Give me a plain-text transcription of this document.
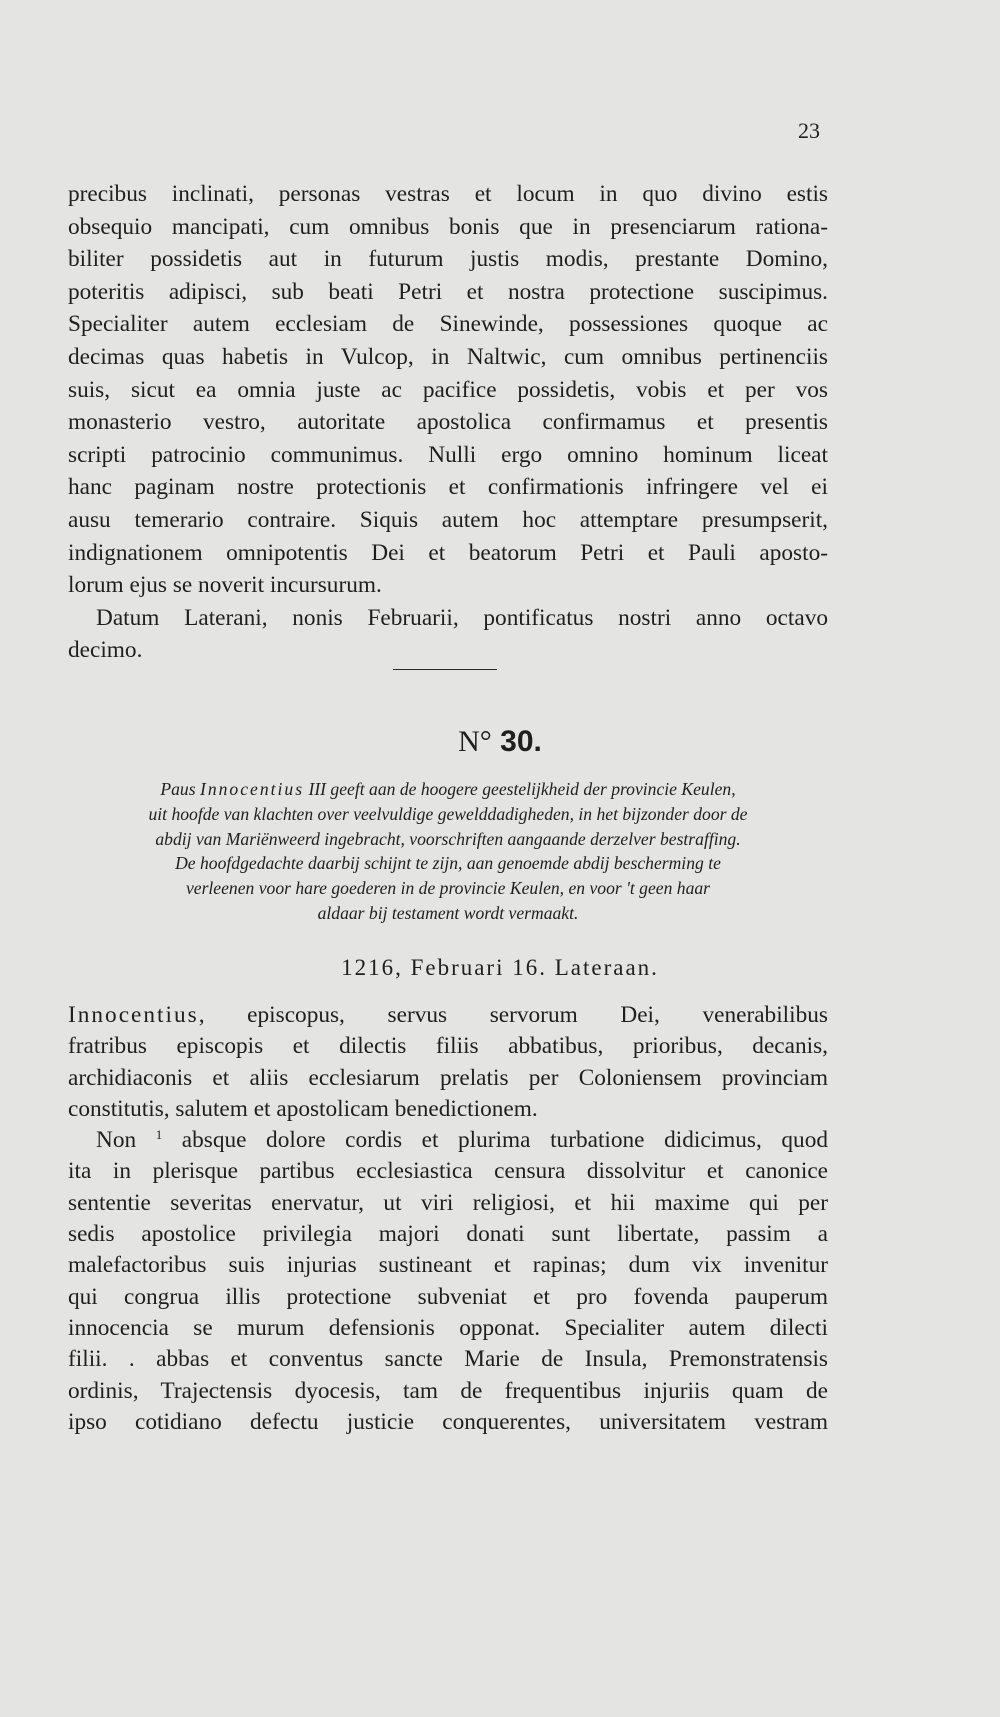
23
precibus inclinati, personas vestras et locum in quo divino estis
obsequio mancipati, cum omnibus bonis que in presenciarum rationa-
biliter possidetis aut in futurum justis modis, prestante Domino,
poteritis adipisci, sub beati Petri et nostra protectione suscipimus.
Specialiter autem ecclesiam de Sinewinde, possessiones quoque ac
decimas quas habetis in Vulcop, in Naltwic, cum omnibus pertinenciis
suis, sicut ea omnia juste ac pacifice possidetis, vobis et per vos
monasterio vestro, autoritate apostolica confirmamus et presentis
scripti patrocinio communimus. Nulli ergo omnino hominum liceat
hanc paginam nostre protectionis et confirmationis infringere vel ei
ausu temerario contraire. Siquis autem hoc attemptare presumpserit,
indignationem omnipotentis Dei et beatorum Petri et Pauli aposto-
lorum ejus se noverit incursurum.
Datum Laterani, nonis Februarii, pontificatus nostri anno octavo
decimo.
N° 30.
Paus Innocentius III geeft aan de hoogere geestelijkheid der provincie Keulen,
uit hoofde van klachten over veelvuldige gewelddadigheden, in het bijzonder door de
abdij van Mariënweerd ingebracht, voorschriften aangaande derzelver bestraffing.
De hoofdgedachte daarbij schijnt te zijn, aan genoemde abdij bescherming te
verleenen voor hare goederen in de provincie Keulen, en voor 't geen haar
aldaar bij testament wordt vermaakt.
1216, Februari 16. Lateraan.
Innocentius, episcopus, servus servorum Dei, venerabilibus
fratribus episcopis et dilectis filiis abbatibus, prioribus, decanis,
archidiaconis et aliis ecclesiarum prelatis per Coloniensem provinciam
constitutis, salutem et apostolicam benedictionem.
Non $^1$ absque dolore cordis et plurima turbatione didicimus, quod
ita in plerisque partibus ecclesiastica censura dissolvitur et canonice
sententie severitas enervatur, ut viri religiosi, et hii maxime qui per
sedis apostolice privilegia majori donati sunt libertate, passim a
malefactoribus suis injurias sustineant et rapinas; dum vix invenitur
qui congrua illis protectione subveniat et pro fovenda pauperum
innocencia se murum defensionis opponat. Specialiter autem dilecti
filii. . abbas et conventus sancte Marie de Insula, Premonstratensis
ordinis, Trajectensis dyocesis, tam de frequentibus injuriis quam de
ipso cotidiano defectu justicie conquerentes, universitatem vestram
